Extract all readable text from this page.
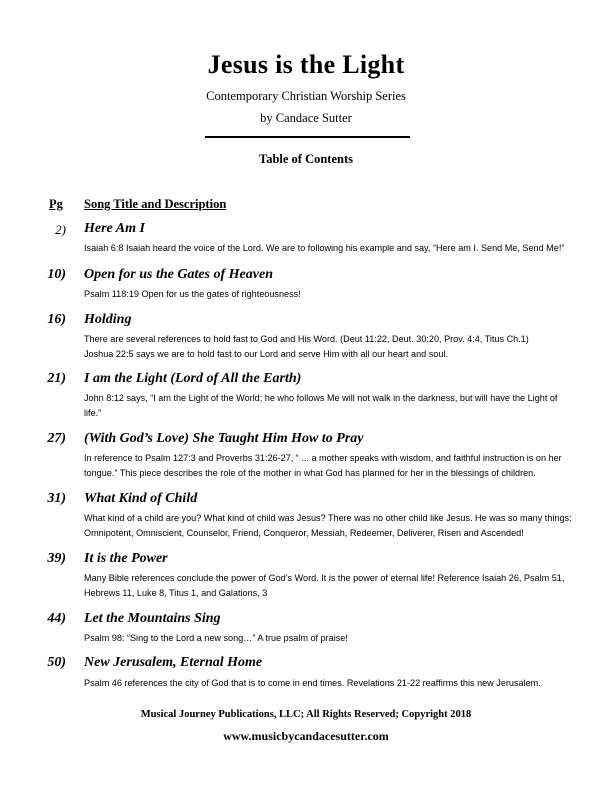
Jesus is the Light
Contemporary Christian Worship Series
by Candace Sutter
Table of Contents
Pg Song Title and Description
2) Here Am I
Isaiah 6:8 Isaiah heard the voice of the Lord. We are to following his example and say, “Here am I. Send Me, Send Me!”
10) Open for us the Gates of Heaven
Psalm 118:19 Open for us the gates of righteousness!
16) Holding
There are several references to hold fast to God and His Word. (Deut 11:22, Deut. 30:20, Prov. 4:4, Titus Ch.1)
Joshua 22:5 says we are to hold fast to our Lord and serve Him with all our heart and soul.
21) I am the Light (Lord of All the Earth)
John 8:12 says, “I am the Light of the World; he who follows Me will not walk in the darkness, but will have the Light of life.”
27) (With God’s Love) She Taught Him How to Pray
In reference to Psalm 127:3 and Proverbs 31:26-27, “ ... a mother speaks with wisdom, and faithful instruction is on her tongue.” This piece describes the role of the mother in what God has planned for her in the blessings of children.
31) What Kind of Child
What kind of a child are you? What kind of child was Jesus? There was no other child like Jesus. He was so many things: Omnipotent, Omniscient, Counselor, Friend, Conqueror, Messiah, Redeemer, Deliverer, Risen and Ascended!
39) It is the Power
Many Bible references conclude the power of God’s Word. It is the power of eternal life! Reference Isaiah 26, Psalm 51, Hebrews 11, Luke 8, Titus 1, and Galations, 3
44) Let the Mountains Sing
Psalm 98: “Sing to the Lord a new song…” A true psalm of praise!
50) New Jerusalem, Eternal Home
Psalm 46 references the city of God that is to come in end times. Revelations 21-22 reaffirms this new Jerusalem.
Musical Journey Publications, LLC; All Rights Reserved; Copyright 2018
www.musicbycandacesutter.com
